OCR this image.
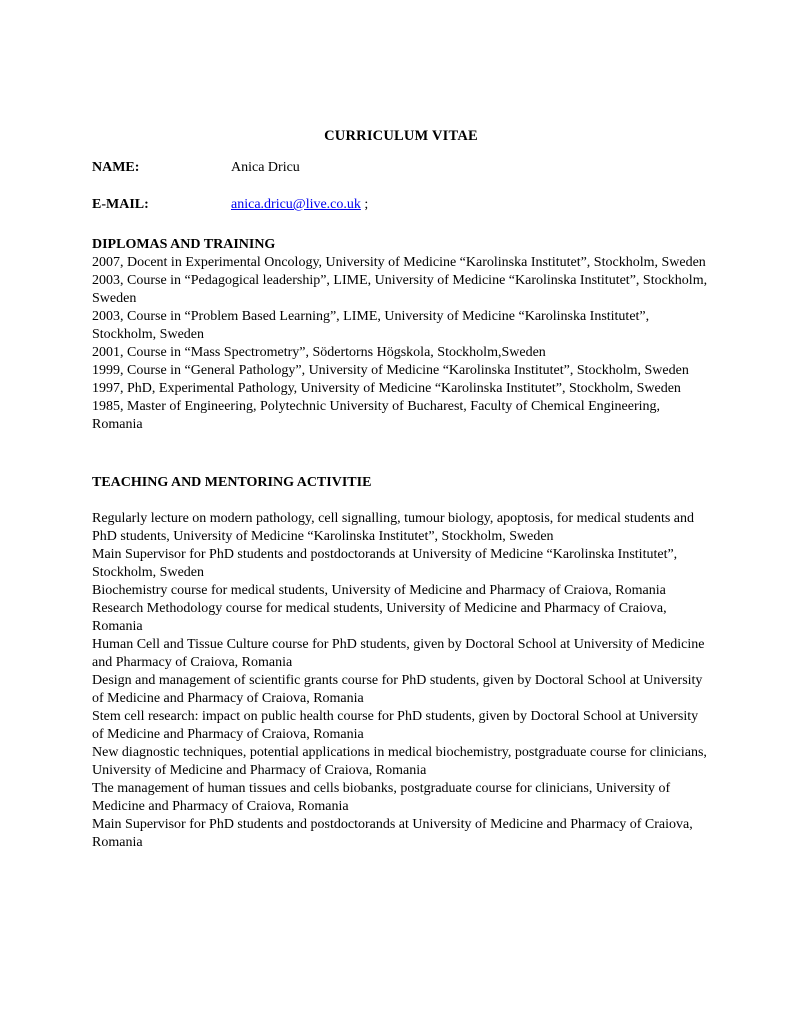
CURRICULUM VITAE
NAME:	Anica Dricu
E-MAIL:	anica.dricu@live.co.uk ;
DIPLOMAS AND TRAINING

2007, Docent in Experimental Oncology, University of Medicine “Karolinska Institutet”, Stockholm, Sweden

2003, Course in “Pedagogical leadership”, LIME, University of Medicine “Karolinska Institutet”, Stockholm, Sweden

2003, Course in “Problem Based Learning”, LIME, University of Medicine “Karolinska Institutet”, Stockholm, Sweden

2001, Course in “Mass Spectrometry”, Södertorns Högskola, Stockholm,Sweden

1999, Course in “General Pathology”, University of Medicine “Karolinska Institutet”, Stockholm, Sweden

1997, PhD, Experimental Pathology, University of Medicine “Karolinska Institutet”, Stockholm, Sweden

1985, Master of Engineering, Polytechnic University of Bucharest, Faculty of Chemical Engineering, Romania

TEACHING AND MENTORING ACTIVITIE

Regularly lecture on modern pathology, cell signalling, tumour biology, apoptosis, for medical students and PhD students, University of Medicine “Karolinska Institutet”, Stockholm, Sweden

Main Supervisor for PhD students and postdoctorands at University of Medicine “Karolinska Institutet”, Stockholm, Sweden

Biochemistry course for medical students, University of Medicine and Pharmacy of Craiova, Romania

Research Methodology course for medical students, University of Medicine and Pharmacy of Craiova, Romania

Human Cell and Tissue Culture course for PhD students, given by Doctoral School at University of Medicine and Pharmacy of Craiova, Romania

Design and management of scientific grants course for PhD students, given by Doctoral School at University of Medicine and Pharmacy of Craiova, Romania

Stem cell research: impact on public health course for PhD students, given by Doctoral School at University of Medicine and Pharmacy of Craiova, Romania

New diagnostic techniques, potential applications in medical biochemistry, postgraduate course for clinicians, University of Medicine and Pharmacy of Craiova, Romania

The management of human tissues and cells biobanks, postgraduate course for clinicians, University of Medicine and Pharmacy of Craiova, Romania

Main Supervisor for PhD students and postdoctorands at University of Medicine and Pharmacy of Craiova, Romania
